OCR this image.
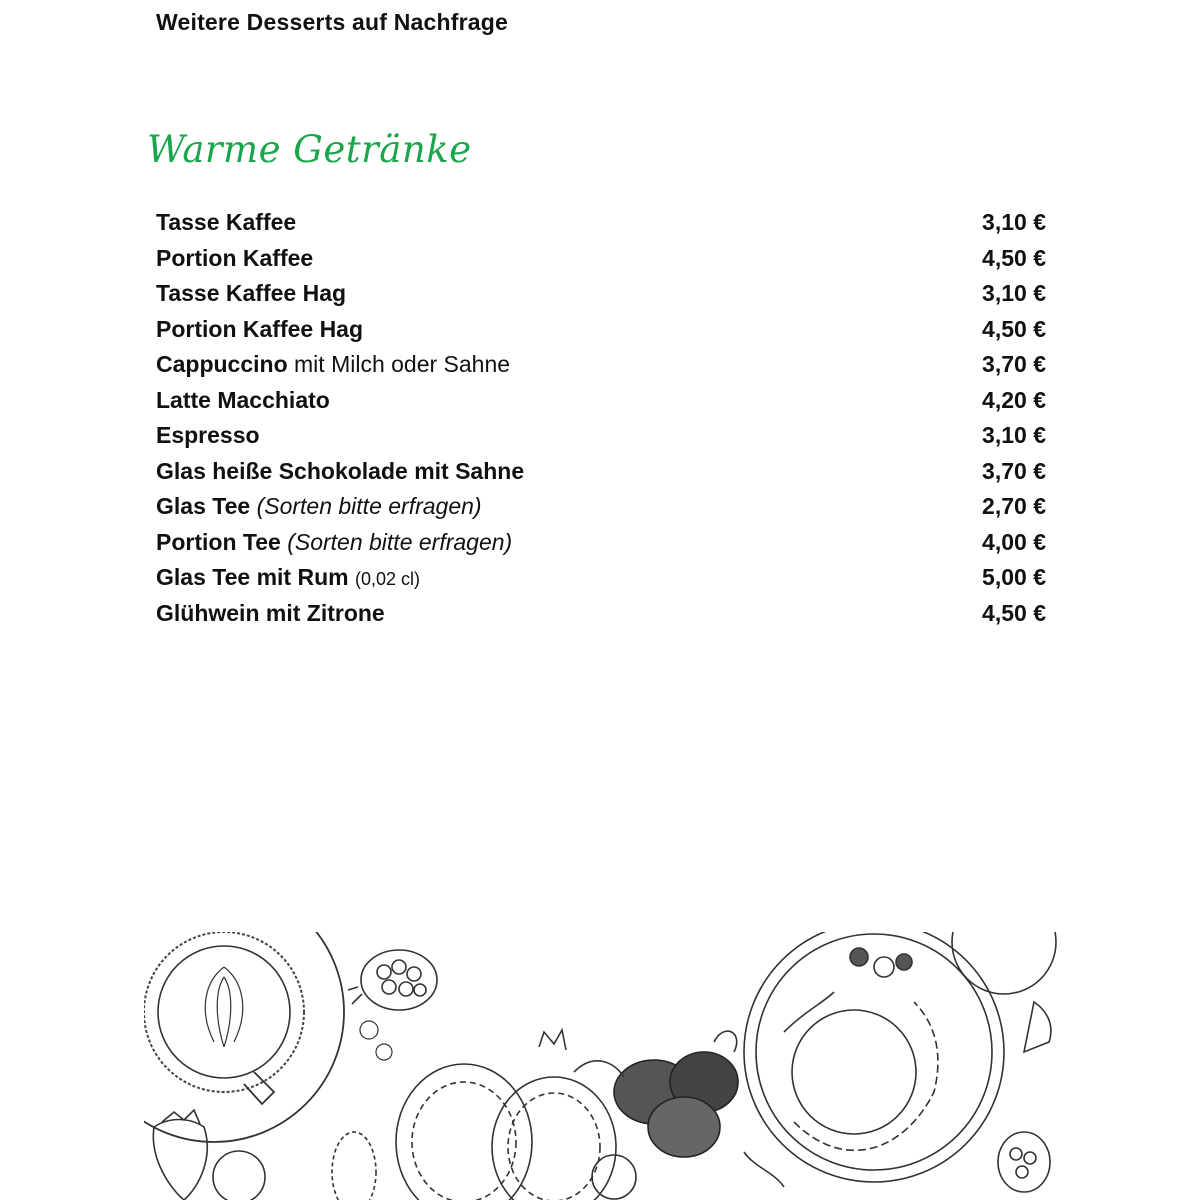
Weitere Desserts auf Nachfrage
Warme Getränke
Tasse Kaffee	3,10 €
Portion Kaffee	4,50 €
Tasse Kaffee Hag	3,10 €
Portion Kaffee Hag	4,50 €
Cappuccino mit Milch oder Sahne	3,70 €
Latte Macchiato	4,20 €
Espresso	3,10 €
Glas heiße Schokolade mit Sahne	3,70 €
Glas Tee (Sorten bitte erfragen)	2,70 €
Portion Tee (Sorten bitte erfragen)	4,00 €
Glas Tee mit Rum (0,02 cl)	5,00 €
Glühwein mit Zitrone	4,50 €
